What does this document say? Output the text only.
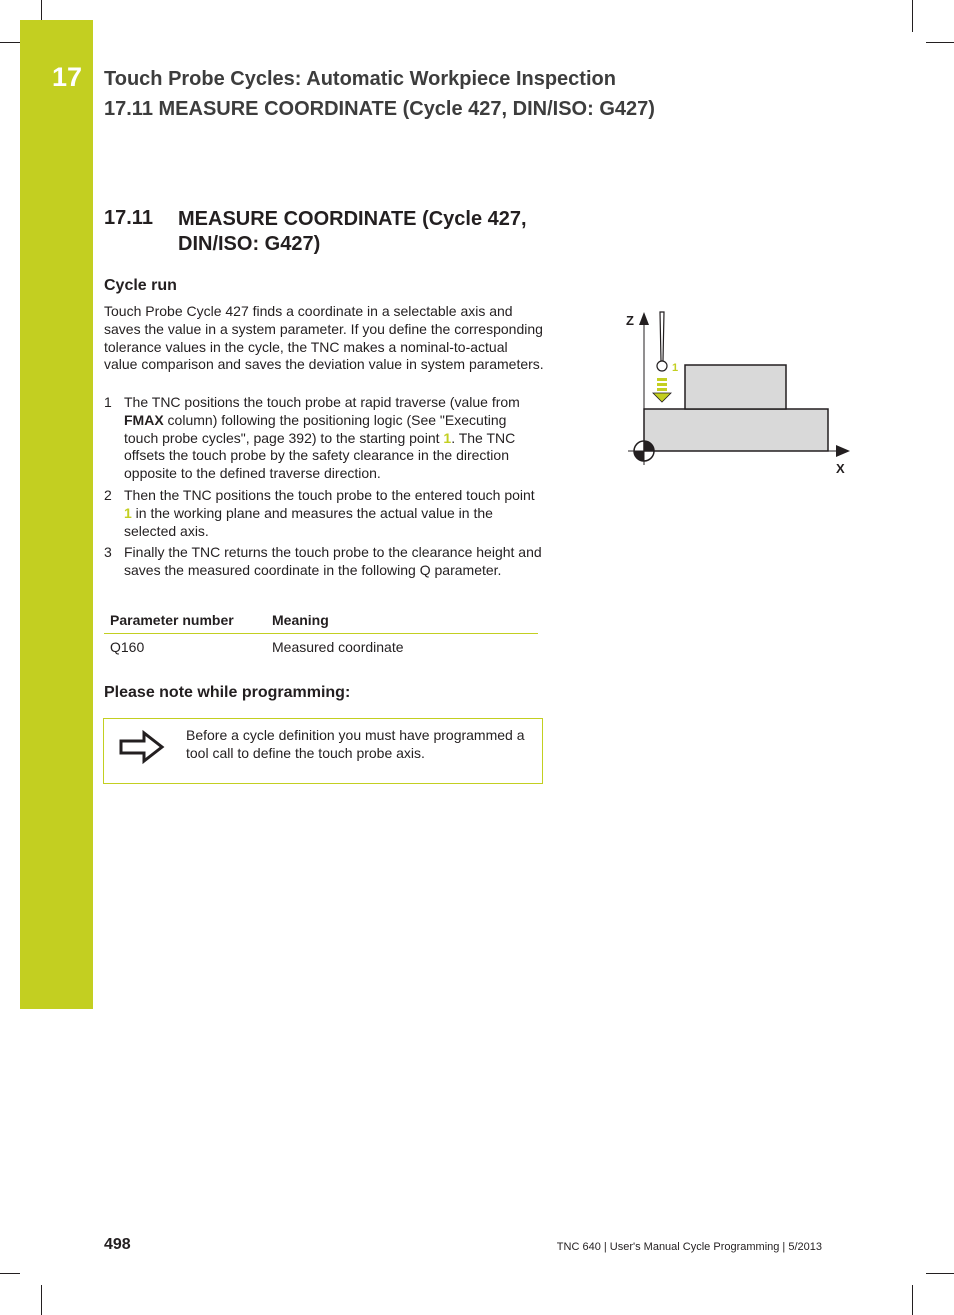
17 Touch Probe Cycles: Automatic Workpiece Inspection
17.11 MEASURE COORDINATE (Cycle 427, DIN/ISO: G427)
17.11 MEASURE COORDINATE (Cycle 427, DIN/ISO: G427)
Cycle run
Touch Probe Cycle 427 finds a coordinate in a selectable axis and saves the value in a system parameter. If you define the corresponding tolerance values in the cycle, the TNC makes a nominal-to-actual value comparison and saves the deviation value in system parameters.
1 The TNC positions the touch probe at rapid traverse (value from FMAX column) following the positioning logic (See "Executing touch probe cycles", page 392) to the starting point 1. The TNC offsets the touch probe by the safety clearance in the direction opposite to the defined traverse direction.
2 Then the TNC positions the touch probe to the entered touch point 1 in the working plane and measures the actual value in the selected axis.
3 Finally the TNC returns the touch probe to the clearance height and saves the measured coordinate in the following Q parameter.
Parameter number	Meaning
Q160	Measured coordinate
Please note while programming:
Before a cycle definition you must have programmed a tool call to define the touch probe axis.
Z
X
1
498	TNC 640 | User's Manual Cycle Programming | 5/2013
